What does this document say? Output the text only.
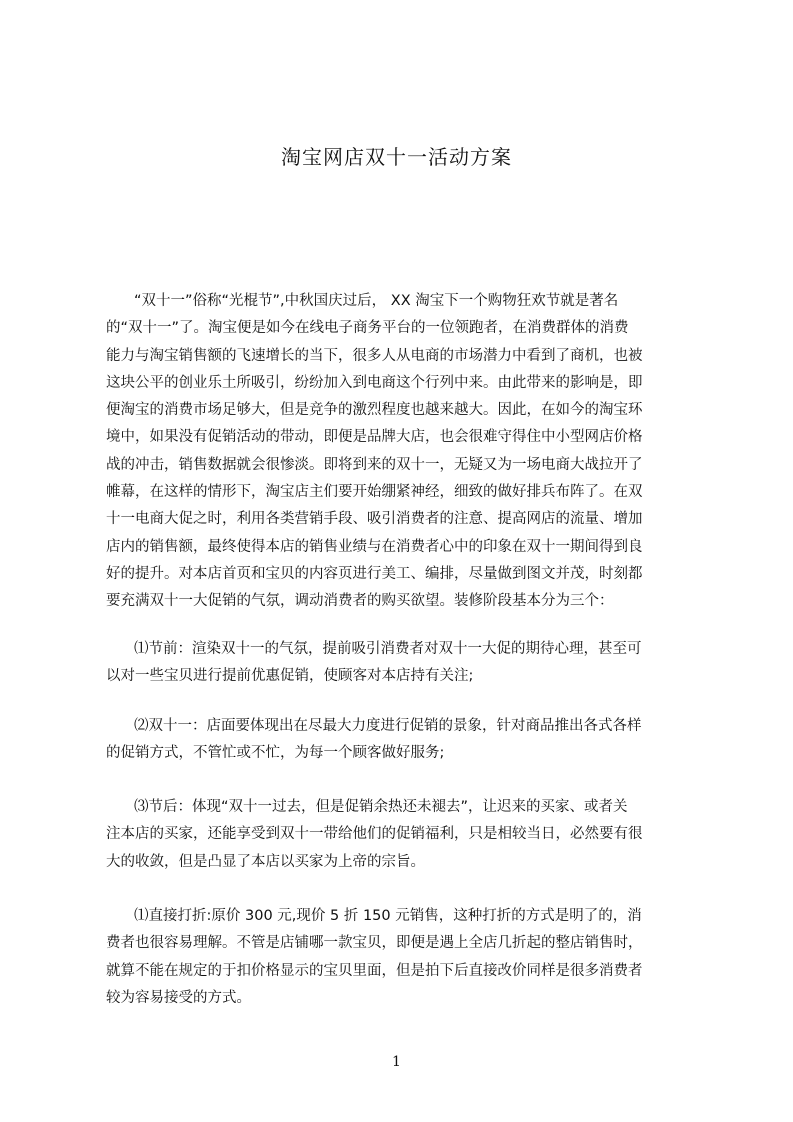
淘宝网店双十一活动方案

“双十一”俗称“光棍节”,中秋国庆过后， XX 淘宝下一个购物狂欢节就是著名
的“双十一”了。淘宝便是如今在线电子商务平台的一位领跑者，在消费群体的消费
能力与淘宝销售额的飞速增长的当下，很多人从电商的市场潜力中看到了商机，也被
这块公平的创业乐土所吸引，纷纷加入到电商这个行列中来。由此带来的影响是，即
便淘宝的消费市场足够大，但是竞争的激烈程度也越来越大。因此，在如今的淘宝环
境中，如果没有促销活动的带动，即便是品牌大店，也会很难守得住中小型网店价格
战的冲击，销售数据就会很惨淡。即将到来的双十一，无疑又为一场电商大战拉开了
帷幕，在这样的情形下，淘宝店主们要开始绷紧神经，细致的做好排兵布阵了。在双
十一电商大促之时，利用各类营销手段、吸引消费者的注意、提高网店的流量、增加
店内的销售额，最终使得本店的销售业绩与在消费者心中的印象在双十一期间得到良
好的提升。对本店首页和宝贝的内容页进行美工、编排，尽量做到图文并茂，时刻都
要充满双十一大促销的气氛，调动消费者的购买欲望。装修阶段基本分为三个：

⑴节前：渲染双十一的气氛，提前吸引消费者对双十一大促的期待心理，甚至可
以对一些宝贝进行提前优惠促销，使顾客对本店持有关注;

⑵双十一：店面要体现出在尽最大力度进行促销的景象，针对商品推出各式各样
的促销方式，不管忙或不忙，为每一个顾客做好服务;

⑶节后：体现“双十一过去，但是促销余热还未褪去”，让迟来的买家、或者关
注本店的买家，还能享受到双十一带给他们的促销福利，只是相较当日，必然要有很
大的收敛，但是凸显了本店以买家为上帝的宗旨。

⑴直接打折:原价 300 元,现价 5 折 150 元销售，这种打折的方式是明了的，消
费者也很容易理解。不管是店铺哪一款宝贝，即便是遇上全店几折起的整店销售时，
就算不能在规定的于扣价格显示的宝贝里面，但是拍下后直接改价同样是很多消费者
较为容易接受的方式。

1
